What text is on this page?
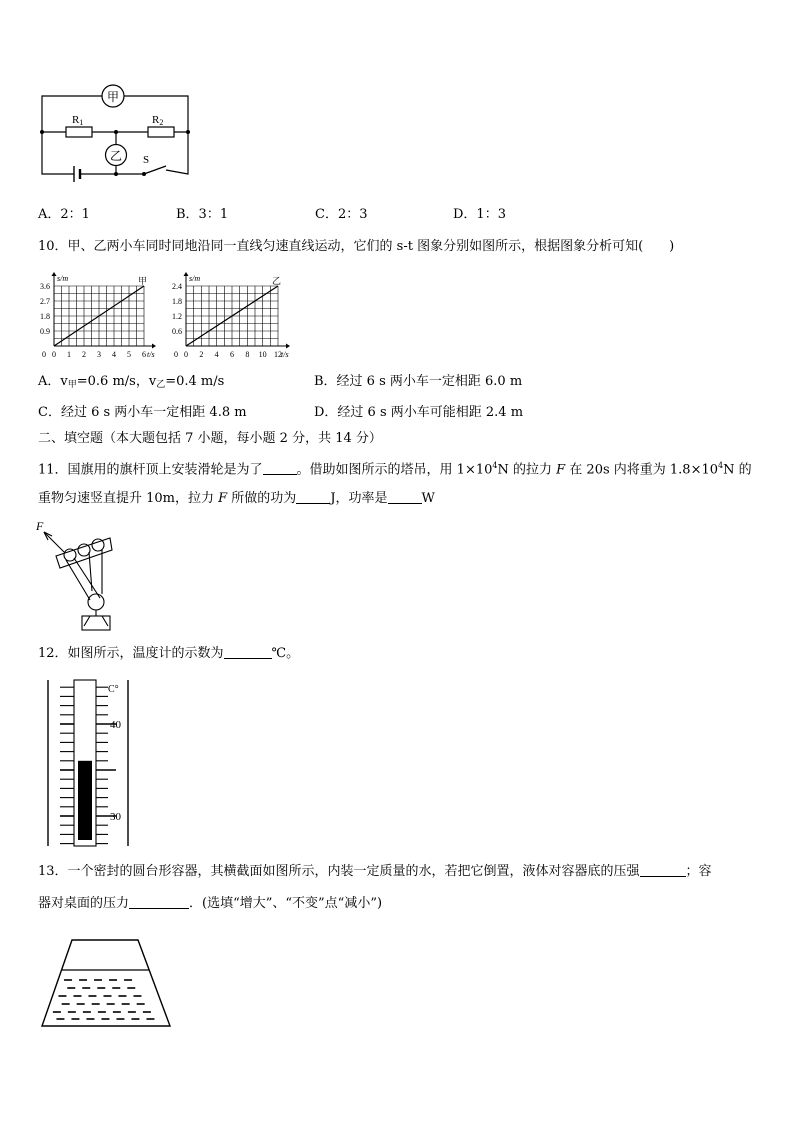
甲
乙
R1	R2
S
A．2：1	B．3：1	C．2：3	D．1：3
10．甲、乙两小车同时同地沿同一直线匀速直线运动，它们的 s-t 图象分别如图所示，根据图象分析可知(　　)
0 1 2 3 4 5 6
0.9
1.8
2.7
3.6
0
s/m
t/s
甲
0 2 4 6 8 10 12
0.6
1.2
1.8
2.4
0
s/m
t/s
乙
A．$v_甲=0.6$ m/s，$v_乙=0.4$ m/s	B．经过 6 s 两小车一定相距 6.0 m
C．经过 6 s 两小车一定相距 4.8 m	D．经过 6 s 两小车可能相距 2.4 m
二、填空题（本大题包括 7 小题，每小题 2 分，共 14 分）
11．国旗用的旗杆顶上安装滑轮是为了	。借助如图所示的塔吊，用 $1\times 10^4N$ 的拉力 F 在 20s 内将重为 $1.8\times 10^4N$ 的
重物匀速竖直提升 10m，拉力 F 所做的功为	J，功率是	W
F
12．如图所示，温度计的示数为	℃。
40
30
C°
13．一个密封的圆台形容器，其横截面如图所示，内装一定质量的水，若把它倒置，液体对容器底的压强	；容
器对桌面的压力	．(选填“增大”、“不变”点“减小”)
